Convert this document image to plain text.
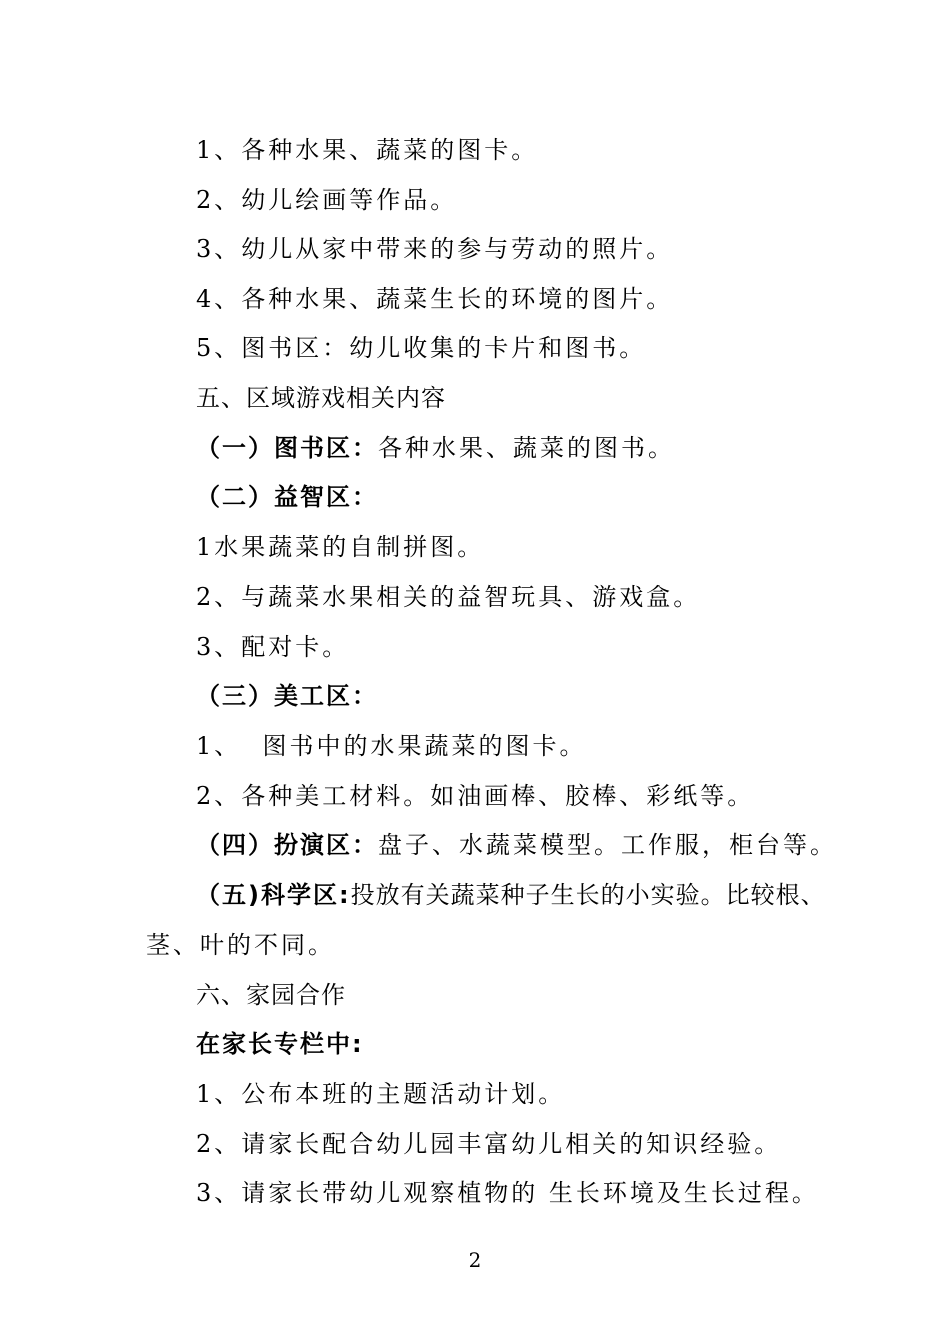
1、各种水果、蔬菜的图卡。
2、幼儿绘画等作品。
3、幼儿从家中带来的参与劳动的照片。
4、各种水果、蔬菜生长的环境的图片。
5、图书区：幼儿收集的卡片和图书。
五、区域游戏相关内容
（一）图书区：各种水果、蔬菜的图书。
（二）益智区：
1水果蔬菜的自制拼图。
2、与蔬菜水果相关的益智玩具、游戏盒。
3、配对卡。
（三）美工区：
1、  图书中的水果蔬菜的图卡。
2、各种美工材料。如油画棒、胶棒、彩纸等。
（四）扮演区：盘子、水蔬菜模型。工作服，柜台等。
（五)科学区:投放有关蔬菜种子生长的小实验。比较根、
茎、叶的不同。
六、家园合作
在家长专栏中:
1、公布本班的主题活动计划。
2、请家长配合幼儿园丰富幼儿相关的知识经验。
3、请家长带幼儿观察植物的 生长环境及生长过程。
2
